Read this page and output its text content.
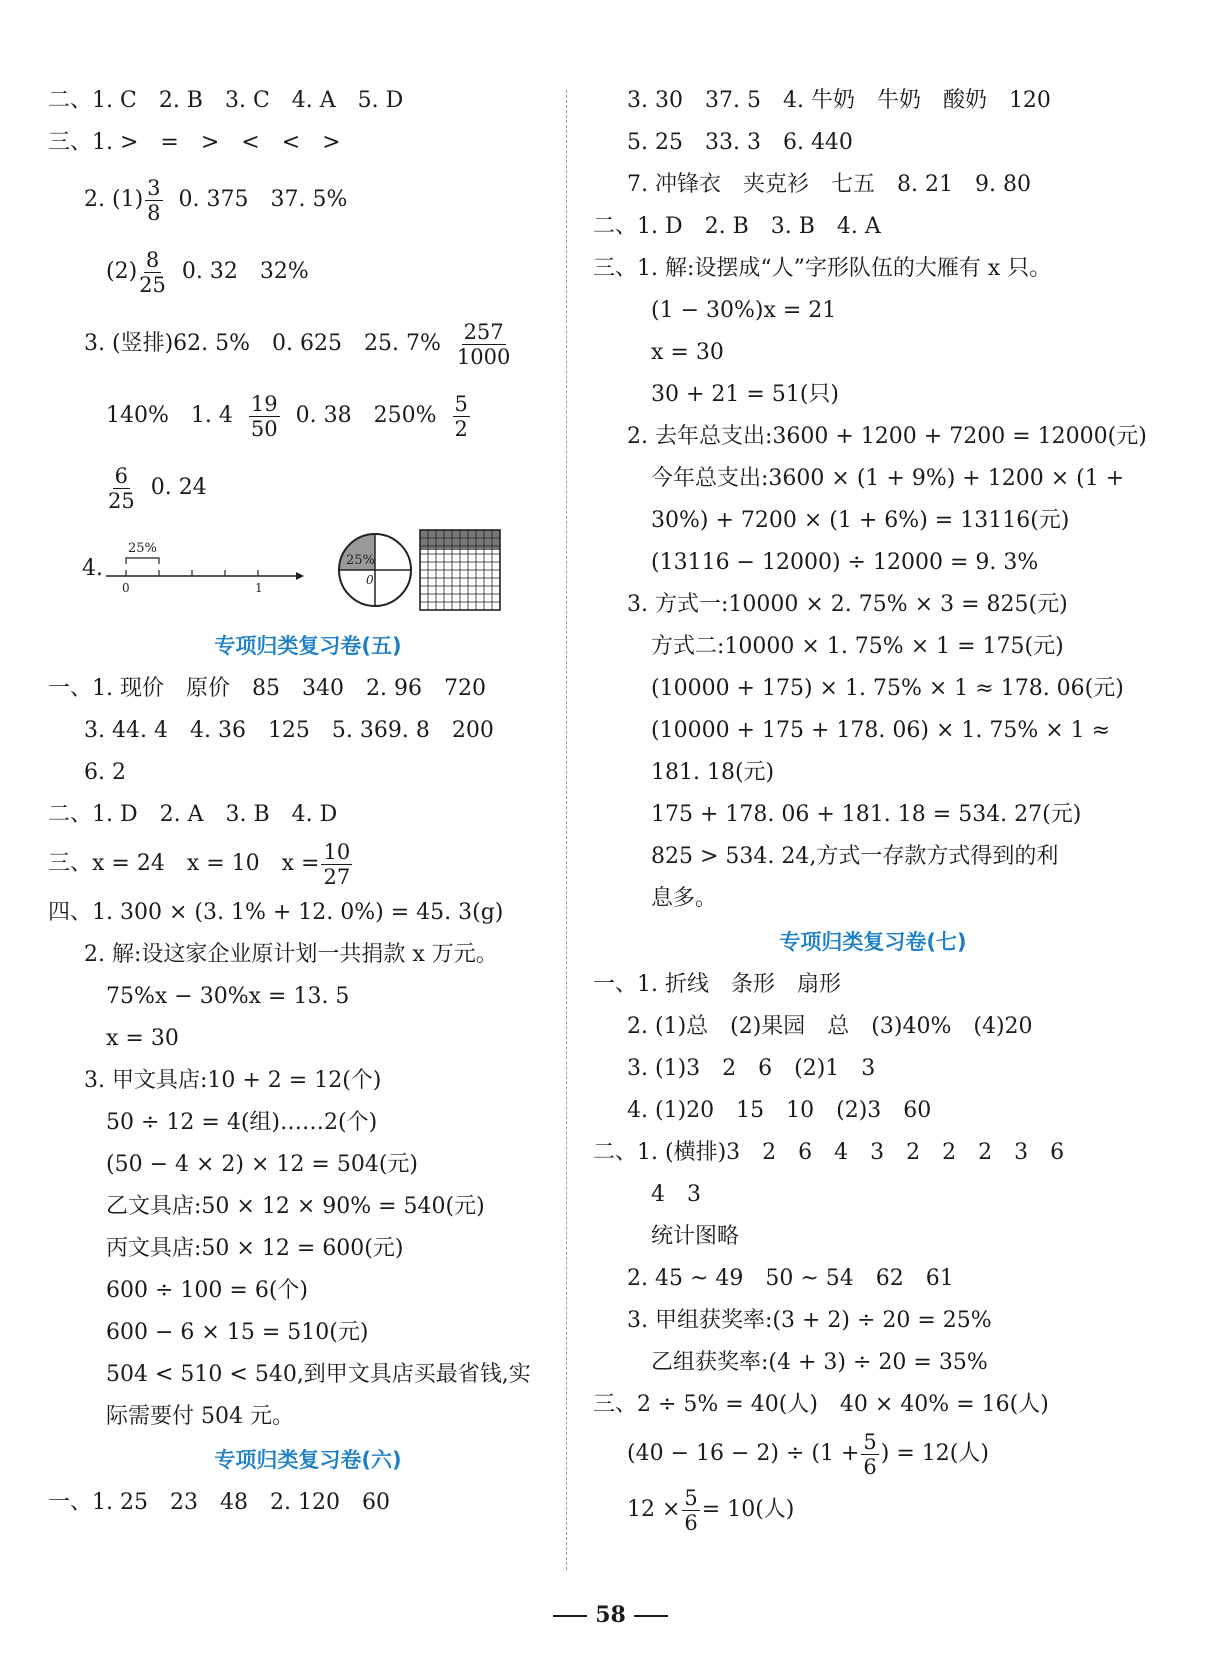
二、1. C　2. B　3. C　4. A　5. D
三、1. >　=　>　<　<　>
2. $(1) \frac{3}{8} 0$. 375　37. 5%
$(2) \frac{8}{25} 0$. 32　32%
3. (竖排)62. 5%　0. 625　25. $7\% \frac{257}{1000}$
140%　1. $4 \frac{19}{50} 0$. 38　$250\% \frac{5}{2}$
$\frac{6}{25} 0$. 24
4.
25%
0	1
25%
0
专项归类复习卷(五)
一、1. 现价　原价　85　340　2. 96　720
3. 44. 4　4. 36　125　5. 369. 8　200
6. 2
二、1. D　2. A　3. B　4. D
三、x = 24　x = 10　$x = \frac{10}{27}$
四、1. 300 × (3. 1% + 12. 0%) = 45. 3(g)
2. 解:设这家企业原计划一共捐款 x 万元。
75%x − 30%x = 13. 5
x = 30
3. 甲文具店:10 + 2 = 12(个)
50 ÷ 12 = 4(组)……2(个)
(50 − 4 × 2) × 12 = 504(元)
乙文具店:50 × 12 × 90% = 540(元)
丙文具店:50 × 12 = 600(元)
600 ÷ 100 = 6(个)
600 − 6 × 15 = 510(元)
504 < 510 < 540,到甲文具店买最省钱,实
际需要付 504 元。
专项归类复习卷(六)
一、1. 25　23　48　2. 120　60
3. 30　37. 5　4. 牛奶　牛奶　酸奶　120
5. 25　33. 3　6. 440
7. 冲锋衣　夹克衫　七五　8. 21　9. 80
二、1. D　2. B　3. B　4. A
三、1. 解:设摆成“人”字形队伍的大雁有 x 只。
(1 − 30%)x = 21
x = 30
30 + 21 = 51(只)
2. 去年总支出:3600 + 1200 + 7200 = 12000(元)
今年总支出:3600 × (1 + 9%) + 1200 × (1 +
30%) + 7200 × (1 + 6%) = 13116(元)
(13116 − 12000) ÷ 12000 = 9. 3%
3. 方式一:10000 × 2. 75% × 3 = 825(元)
方式二:10000 × 1. 75% × 1 = 175(元)
(10000 + 175) × 1. 75% × 1 ≈ 178. 06(元)
(10000 + 175 + 178. 06) × 1. 75% × 1 ≈
181. 18(元)
175 + 178. 06 + 181. 18 = 534. 27(元)
825 > 534. 24,方式一存款方式得到的利
息多。
专项归类复习卷(七)
一、1. 折线　条形　扇形
2. (1)总　(2)果园　总　(3)40%　(4)20
3. (1)3　2　6　(2)1　3
4. (1)20　15　10　(2)3　60
二、1. (横排)3　2　6　4　3　2　2　2　3　6
4　3
统计图略
2. 45 ~ 49　50 ~ 54　62　61
3. 甲组获奖率:(3 + 2) ÷ 20 = 25%
乙组获奖率:(4 + 3) ÷ 20 = 35%
三、2 ÷ 5% = 40(人)　40 × 40% = 16(人)
$(40 - 16 - 2) \div (1 + \frac{5}{6}$ ) = 12(人)
$12 \times \frac{5}{6} = 10$(人)
58
